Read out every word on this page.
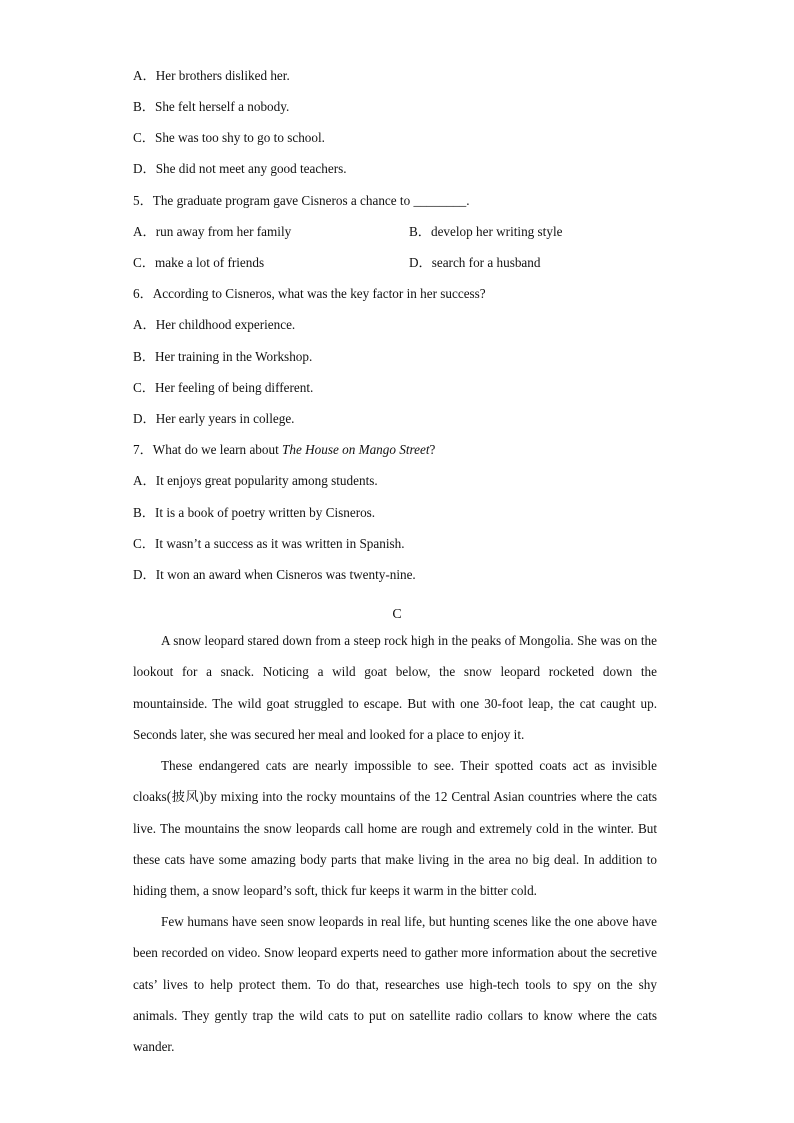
A．Her brothers disliked her.
B．She felt herself a nobody.
C．She was too shy to go to school.
D．She did not meet any good teachers.
5．The graduate program gave Cisneros a chance to ________.
A．run away from her family	B．develop her writing style
C．make a lot of friends	D．search for a husband
6．According to Cisneros, what was the key factor in her success?
A．Her childhood experience.
B．Her training in the Workshop.
C．Her feeling of being different.
D．Her early years in college.
7．What do we learn about The House on Mango Street?
A．It enjoys great popularity among students.
B．It is a book of poetry written by Cisneros.
C．It wasn’t a success as it was written in Spanish.
D．It won an award when Cisneros was twenty-nine.
C

A snow leopard stared down from a steep rock high in the peaks of Mongolia. She was on the lookout for a snack. Noticing a wild goat below, the snow leopard rocketed down the mountainside. The wild goat struggled to escape. But with one 30-foot leap, the cat caught up. Seconds later, she was secured her meal and looked for a place to enjoy it.

These endangered cats are nearly impossible to see. Their spotted coats act as invisible cloaks(披风)by mixing into the rocky mountains of the 12 Central Asian countries where the cats live. The mountains the snow leopards call home are rough and extremely cold in the winter. But these cats have some amazing body parts that make living in the area no big deal. In addition to hiding them, a snow leopard’s soft, thick fur keeps it warm in the bitter cold.

Few humans have seen snow leopards in real life, but hunting scenes like the one above have been recorded on video. Snow leopard experts need to gather more information about the secretive cats’ lives to help protect them. To do that, researches use high-tech tools to spy on the shy animals. They gently trap the wild cats to put on satellite radio collars to know where the cats wander.
